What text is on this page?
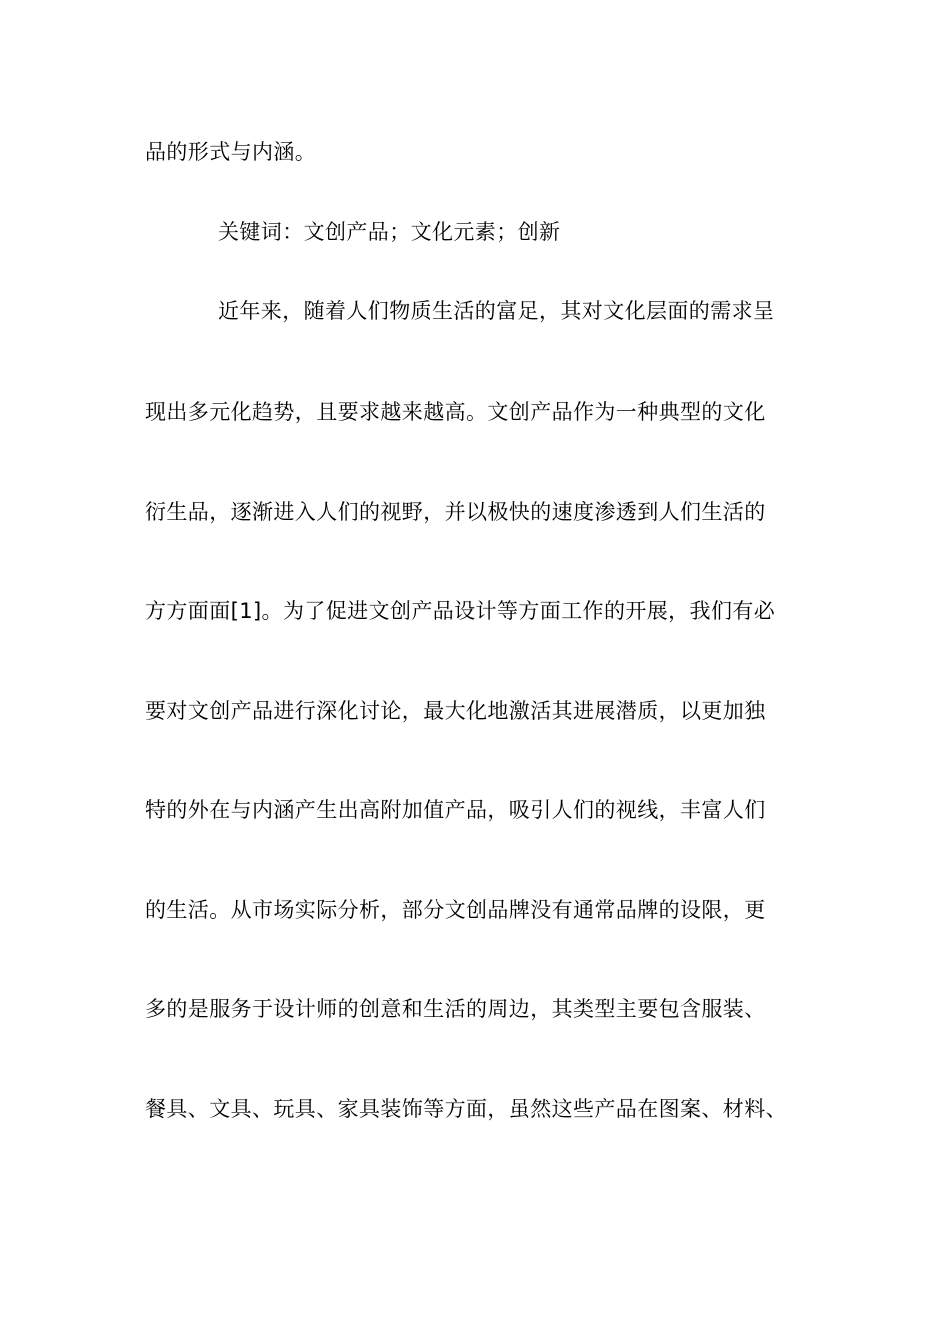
品的形式与内涵。
关键词：文创产品；文化元素；创新
近年来，随着人们物质生活的富足，其对文化层面的需求呈
现出多元化趋势，且要求越来越高。文创产品作为一种典型的文化
衍生品，逐渐进入人们的视野，并以极快的速度渗透到人们生活的
方方面面[1]。为了促进文创产品设计等方面工作的开展，我们有必
要对文创产品进行深化讨论，最大化地激活其进展潜质，以更加独
特的外在与内涵产生出高附加值产品，吸引人们的视线，丰富人们
的生活。从市场实际分析，部分文创品牌没有通常品牌的设限，更
多的是服务于设计师的创意和生活的周边，其类型主要包含服装、
餐具、文具、玩具、家具装饰等方面，虽然这些产品在图案、材料、
